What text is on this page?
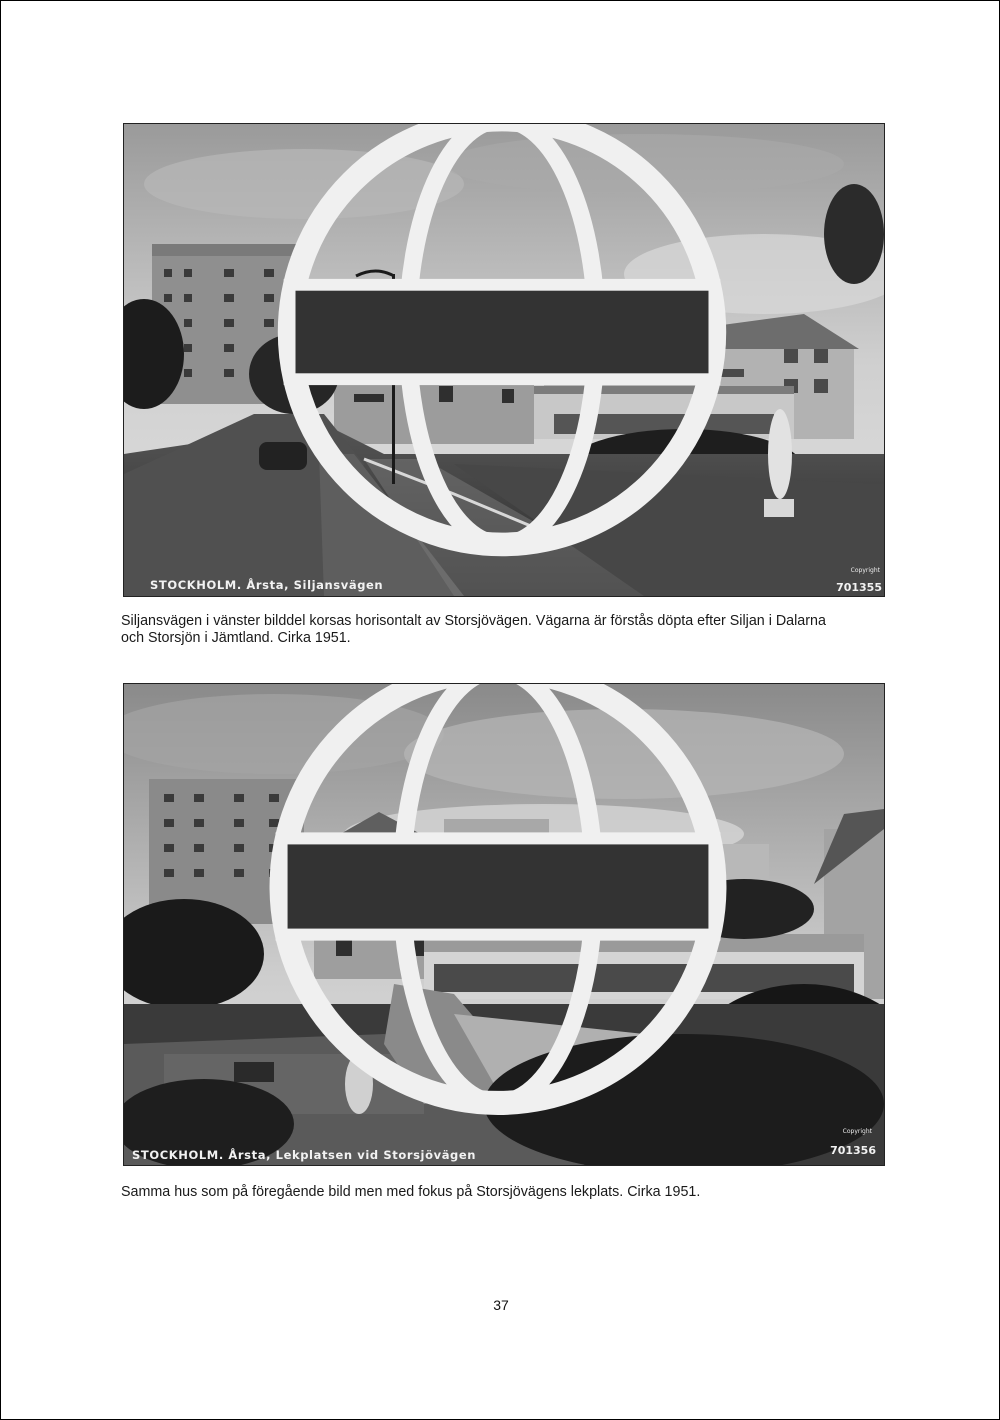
Copyright
STOCKHOLM. Årsta, Siljansvägen	701355
Siljansvägen i vänster bilddel korsas horisontalt av Storsjövägen. Vägarna är förstås döpta efter Siljan i Dalarna
och Storsjön i Jämtland. Cirka 1951.
Copyright
STOCKHOLM. Årsta, Lekplatsen vid Storsjövägen	701356
Samma hus som på föregående bild men med fokus på Storsjövägens lekplats. Cirka 1951.
37
